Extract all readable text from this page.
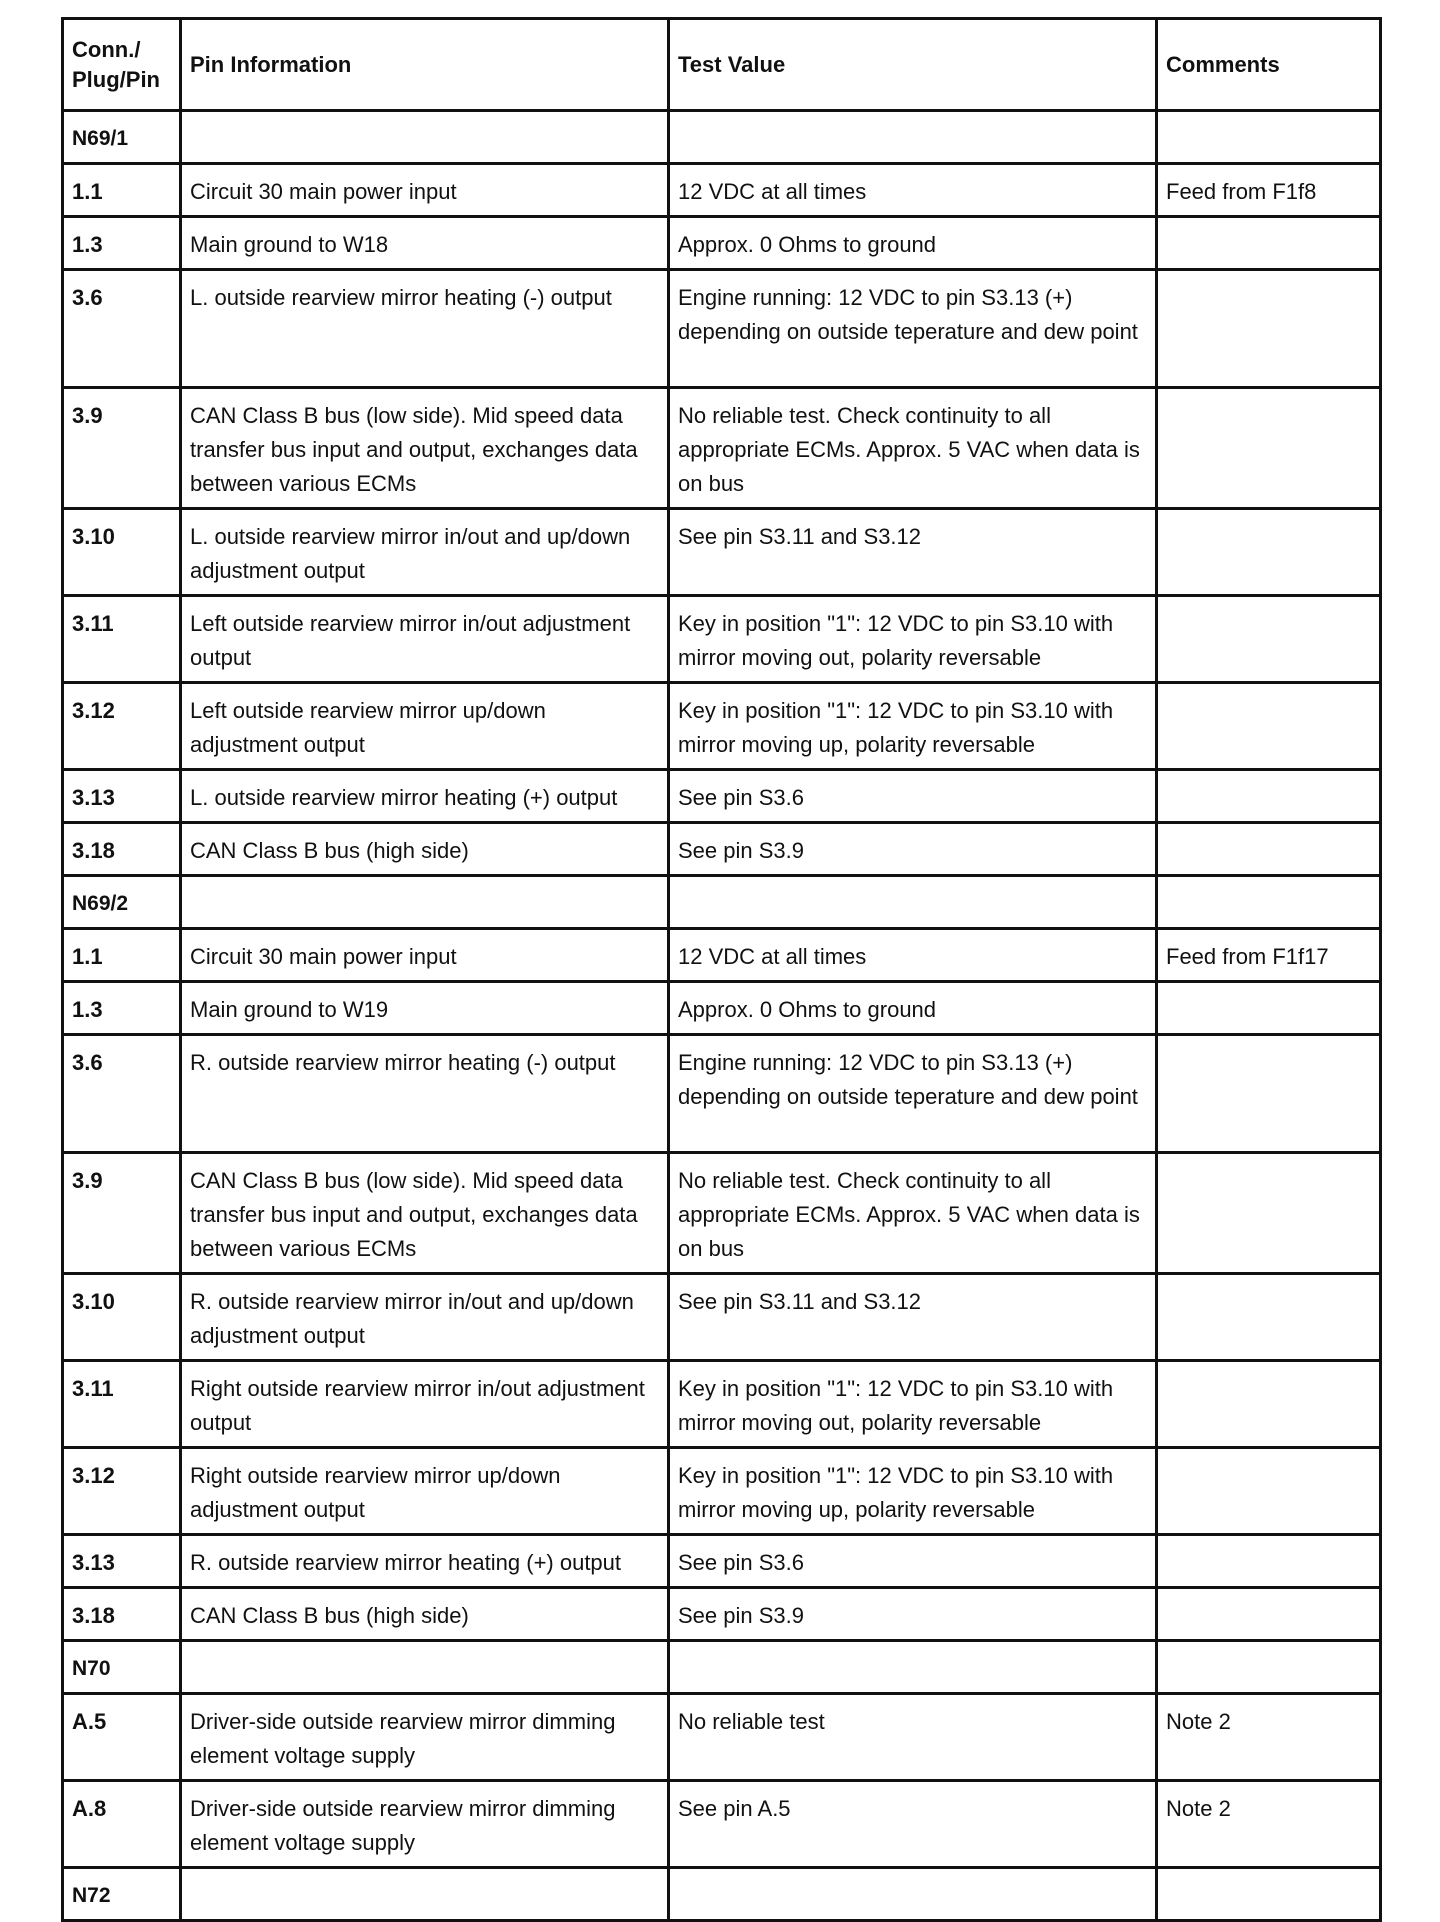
Conn./
Plug/Pin	Pin Information	Test Value	Comments
N69/1			
1.1	Circuit 30 main power input	12 VDC at all times	Feed from F1f8
1.3	Main ground to W18	Approx. 0 Ohms to ground	
3.6	L. outside rearview mirror heating (-) output	Engine running: 12 VDC to pin S3.13 (+) depending on outside teperature and dew point	
3.9	CAN Class B bus (low side). Mid speed data transfer bus input and output, exchanges data between various ECMs	No reliable test. Check continuity to all appropriate ECMs. Approx. 5 VAC when data is on bus	
3.10	L. outside rearview mirror in/out and up/down adjustment output	See pin S3.11 and S3.12	
3.11	Left outside rearview mirror in/out adjustment output	Key in position "1": 12 VDC to pin S3.10 with mirror moving out, polarity reversable	
3.12	Left outside rearview mirror up/down adjustment output	Key in position "1": 12 VDC to pin S3.10 with mirror moving up, polarity reversable	
3.13	L. outside rearview mirror heating (+) output	See pin S3.6	
3.18	CAN Class B bus (high side)	See pin S3.9	
N69/2			
1.1	Circuit 30 main power input	12 VDC at all times	Feed from F1f17
1.3	Main ground to W19	Approx. 0 Ohms to ground	
3.6	R. outside rearview mirror heating (-) output	Engine running: 12 VDC to pin S3.13 (+) depending on outside teperature and dew point	
3.9	CAN Class B bus (low side). Mid speed data transfer bus input and output, exchanges data between various ECMs	No reliable test. Check continuity to all appropriate ECMs. Approx. 5 VAC when data is on bus	
3.10	R. outside rearview mirror in/out and up/down adjustment output	See pin S3.11 and S3.12	
3.11	Right outside rearview mirror in/out adjustment output	Key in position "1": 12 VDC to pin S3.10 with mirror moving out, polarity reversable	
3.12	Right outside rearview mirror up/down adjustment output	Key in position "1": 12 VDC to pin S3.10 with mirror moving up, polarity reversable	
3.13	R. outside rearview mirror heating (+) output	See pin S3.6	
3.18	CAN Class B bus (high side)	See pin S3.9	
N70			
A.5	Driver-side outside rearview mirror dimming element voltage supply	No reliable test	Note 2
A.8	Driver-side outside rearview mirror dimming element voltage supply	See pin A.5	Note 2
N72			
